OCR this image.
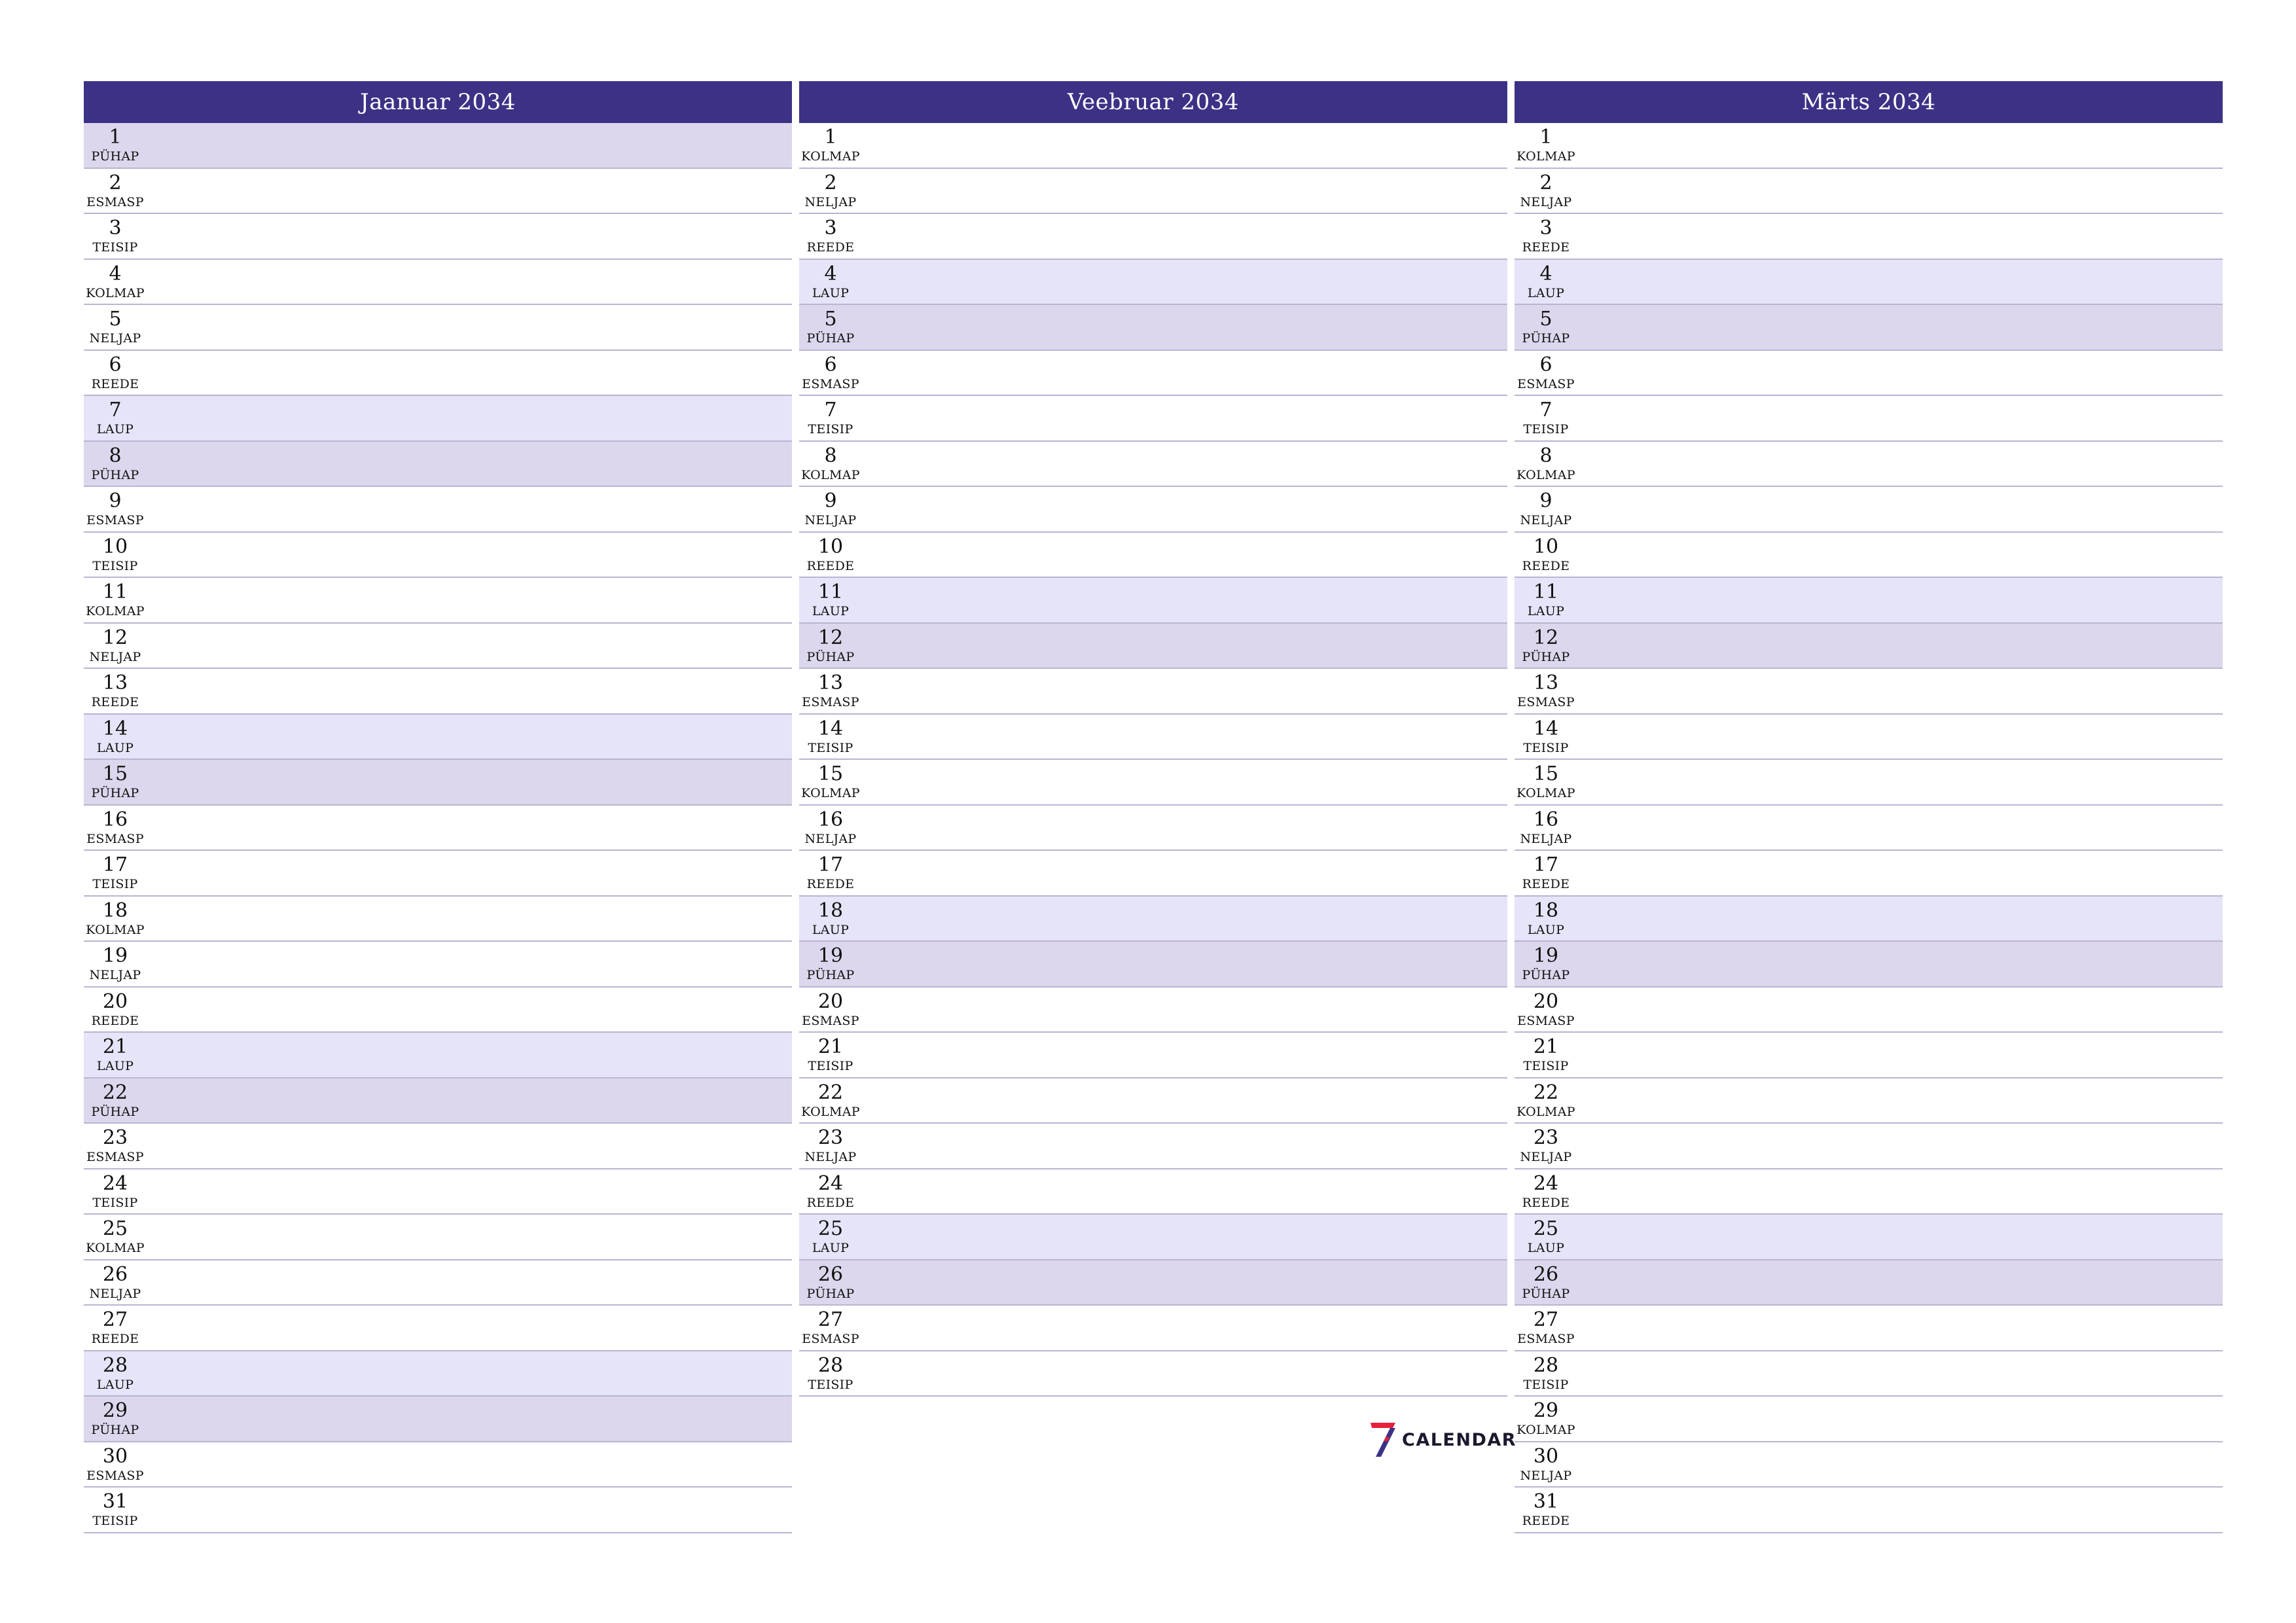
Jaanuar 2034
1
PÜHAP
2
ESMASP
3
TEISIP
4
KOLMAP
5
NELJAP
6
REEDE
7
LAUP
8
PÜHAP
9
ESMASP
10
TEISIP
11
KOLMAP
12
NELJAP
13
REEDE
14
LAUP
15
PÜHAP
16
ESMASP
17
TEISIP
18
KOLMAP
19
NELJAP
20
REEDE
21
LAUP
22
PÜHAP
23
ESMASP
24
TEISIP
25
KOLMAP
26
NELJAP
27
REEDE
28
LAUP
29
PÜHAP
30
ESMASP
31
TEISIP
Veebruar 2034
1
KOLMAP
2
NELJAP
3
REEDE
4
LAUP
5
PÜHAP
6
ESMASP
7
TEISIP
8
KOLMAP
9
NELJAP
10
REEDE
11
LAUP
12
PÜHAP
13
ESMASP
14
TEISIP
15
KOLMAP
16
NELJAP
17
REEDE
18
LAUP
19
PÜHAP
20
ESMASP
21
TEISIP
22
KOLMAP
23
NELJAP
24
REEDE
25
LAUP
26
PÜHAP
27
ESMASP
28
TEISIP
Märts 2034
1
KOLMAP
2
NELJAP
3
REEDE
4
LAUP
5
PÜHAP
6
ESMASP
7
TEISIP
8
KOLMAP
9
NELJAP
10
REEDE
11
LAUP
12
PÜHAP
13
ESMASP
14
TEISIP
15
KOLMAP
16
NELJAP
17
REEDE
18
LAUP
19
PÜHAP
20
ESMASP
21
TEISIP
22
KOLMAP
23
NELJAP
24
REEDE
25
LAUP
26
PÜHAP
27
ESMASP
28
TEISIP
29
KOLMAP
30
NELJAP
31
REEDE
CALENDAR
